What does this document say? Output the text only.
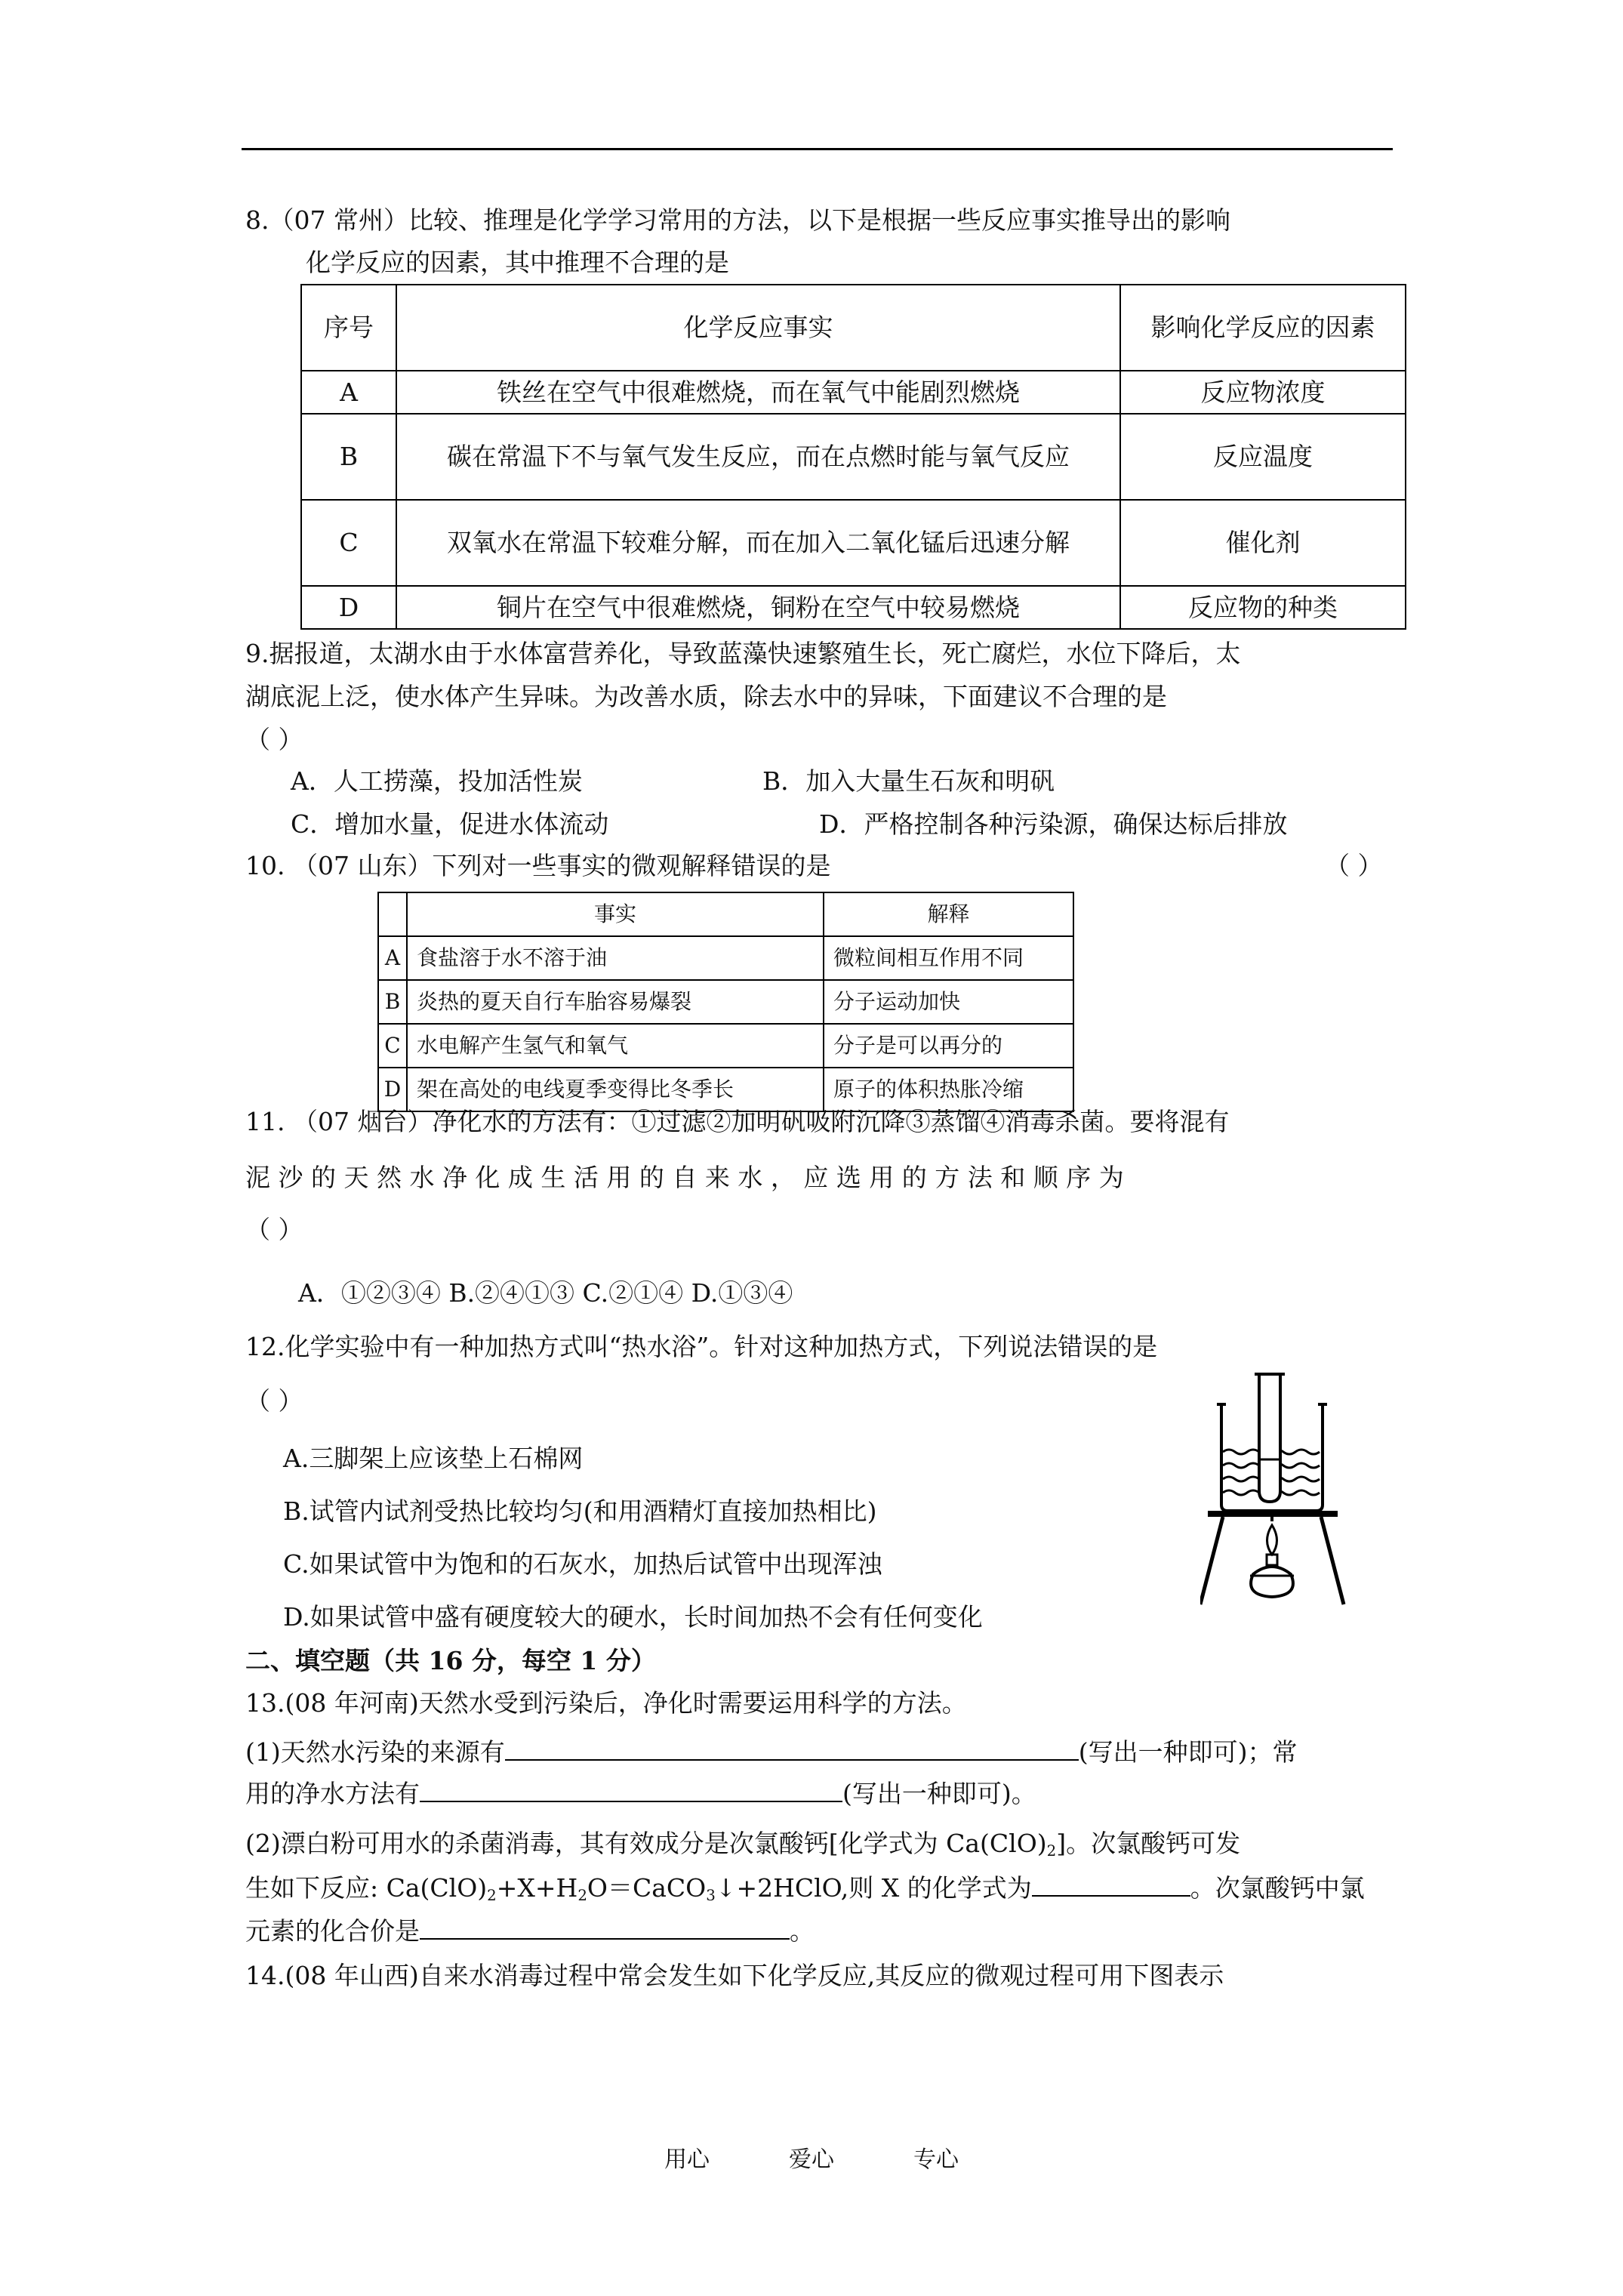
8.（07 常州）比较、推理是化学学习常用的方法，以下是根据一些反应事实推导出的影响
化学反应的因素，其中推理不合理的是
序号	化学反应事实	影响化学反应的因素
A	铁丝在空气中很难燃烧，而在氧气中能剧烈燃烧	反应物浓度
B	碳在常温下不与氧气发生反应，而在点燃时能与氧气反应	反应温度
C	双氧水在常温下较难分解，而在加入二氧化锰后迅速分解	催化剂
D	铜片在空气中很难燃烧，铜粉在空气中较易燃烧	反应物的种类
9.据报道，太湖水由于水体富营养化，导致蓝藻快速繁殖生长，死亡腐烂，水位下降后，太
湖底泥上泛，使水体产生异味。为改善水质，除去水中的异味，下面建议不合理的是
（ ）
A．人工捞藻，投加活性炭	B．加入大量生石灰和明矾
C．增加水量，促进水体流动	D．严格控制各种污染源，确保达标后排放
10. （07 山东）下列对一些事实的微观解释错误的是	（ ）
	事实	解释
A	食盐溶于水不溶于油	微粒间相互作用不同
B	炎热的夏天自行车胎容易爆裂	分子运动加快
C	水电解产生氢气和氧气	分子是可以再分的
D	架在高处的电线夏季变得比冬季长	原子的体积热胀冷缩
11. （07 烟台）净化水的方法有：①过滤②加明矾吸附沉降③蒸馏④消毒杀菌。要将混有
泥 沙 的 天 然 水 净 化 成 生 活 用 的 自 来 水 ， 应 选 用 的 方 法 和 顺 序 为
（ ）
A．①②③④ B.②④①③ C.②①④ D.①③④
12.化学实验中有一种加热方式叫“热水浴”。针对这种加热方式，下列说法错误的是
（ ）
A.三脚架上应该垫上石棉网
B.试管内试剂受热比较均匀(和用酒精灯直接加热相比)
C.如果试管中为饱和的石灰水，加热后试管中出现浑浊
D.如果试管中盛有硬度较大的硬水，长时间加热不会有任何变化
二、填空题（共 16 分，每空 1 分）
13.(08 年河南)天然水受到污染后，净化时需要运用科学的方法。
(1)天然水污染的来源有	(写出一种即可)；常
用的净水方法有	(写出一种即可)。
(2)漂白粉可用水的杀菌消毒，其有效成分是次氯酸钙[化学式为 $Ca(ClO)_2$]。次氯酸钙可发
生如下反应: $Ca(ClO)_2+X+H_2O=CaCO_3↓+2HClO$,则 X 的化学式为	。次氯酸钙中氯
元素的化合价是	。
14.(08 年山西)自来水消毒过程中常会发生如下化学反应,其反应的微观过程可用下图表示
用心	爱心	专心
